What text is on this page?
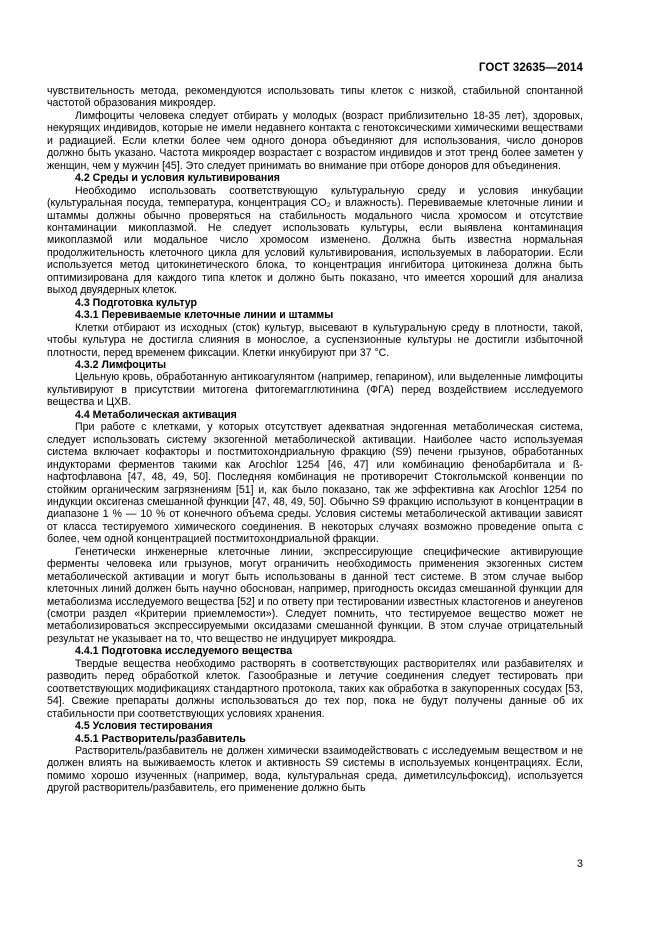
ГОСТ 32635—2014

чувствительность метода, рекомендуются использовать типы клеток с низкой, стабильной спонтанной частотой образования микроядер.

Лимфоциты человека следует отбирать у молодых (возраст приблизительно 18-35 лет), здоровых, некурящих индивидов, которые не имели недавнего контакта с генотоксическими химическими веществами и радиацией. Если клетки более чем одного донора объединяют для использования, число доноров должно быть указано. Частота микроядер возрастает с возрастом индивидов и этот тренд более заметен у женщин, чем у мужчин [45]. Это следует принимать во внимание при отборе доноров для объединения.

4.2 Среды и условия культивирования

Необходимо использовать соответствующую культуральную среду и условия инкубации (культуральная посуда, температура, концентрация CO₂ и влажность). Перевиваемые клеточные линии и штаммы должны обычно проверяться на стабильность модального числа хромосом и отсутствие контаминации микоплазмой. Не следует использовать культуры, если выявлена контаминация микоплазмой или модальное число хромосом изменено. Должна быть известна нормальная продолжительность клеточного цикла для условий культивирования, используемых в лаборатории. Если используется метод цитокинетического блока, то концентрация ингибитора цитокинеза должна быть оптимизирована для каждого типа клеток и должно быть показано, что имеется хороший для анализа выход двуядерных клеток.

4.3 Подготовка культур
4.3.1 Перевиваемые клеточные линии и штаммы

Клетки отбирают из исходных (сток) культур, высевают в культуральную среду в плотности, такой, чтобы культура не достигла слияния в монослое, а суспензионные культуры не достигли избыточной плотности, перед временем фиксации. Клетки инкубируют при 37 °С.

4.3.2 Лимфоциты

Цельную кровь, обработанную антикоагулянтом (например, гепарином), или выделенные лимфоциты культивируют в присутствии митогена фитогемагглютинина (ФГА) перед воздействием исследуемого вещества и ЦХВ.

4.4 Метаболическая активация

При работе с клетками, у которых отсутствует адекватная эндогенная метаболическая система, следует использовать систему экзогенной метаболической активации. Наиболее часто используемая система включает кофакторы и постмитохондриальную фракцию (S9) печени грызунов, обработанных индукторами ферментов такими как Arochlor 1254 [46, 47] или комбинацию фенобарбитала и ß-нафтофлавона [47, 48, 49, 50]. Последняя комбинация не противоречит Стокгольмской конвенции по стойким органическим загрязнениям [51] и, как было показано, так же эффективна как Arochlor 1254 по индукции оксигеназ смешанной функции [47, 48, 49, 50]. Обычно S9 фракцию используют в концентрации в диапазоне 1 % — 10 % от конечного объема среды. Условия системы метаболической активации зависят от класса тестируемого химического соединения. В некоторых случаях возможно проведение опыта с более, чем одной концентрацией постмитохондриальной фракции.

Генетически инженерные клеточные линии, экспрессирующие специфические активирующие ферменты человека или грызунов, могут ограничить необходимость применения экзогенных систем метаболической активации и могут быть использованы в данной тест системе. В этом случае выбор клеточных линий должен быть научно обоснован, например, пригодность оксидаз смешанной функции для метаболизма исследуемого вещества [52] и по ответу при тестировании известных кластогенов и анеугенов (смотри раздел «Критерии приемлемости»). Следует помнить, что тестируемое вещество может не метаболизироваться экспрессируемыми оксидазами смешанной функции. В этом случае отрицательный результат не указывает на то, что вещество не индуцирует микроядра.

4.4.1 Подготовка исследуемого вещества

Твердые вещества необходимо растворять в соответствующих растворителях или разбавителях и разводить перед обработкой клеток. Газообразные и летучие соединения следует тестировать при соответствующих модификациях стандартного протокола, таких как обработка в закупоренных сосудах [53, 54]. Свежие препараты должны использоваться до тех пор, пока не будут получены данные об их стабильности при соответствующих условиях хранения.

4.5 Условия тестирования
4.5.1 Растворитель/разбавитель

Растворитель/разбавитель не должен химически взаимодействовать с исследуемым веществом и не должен влиять на выживаемость клеток и активность S9 системы в используемых концентрациях. Если, помимо хорошо изученных (например, вода, культуральная среда, диметилсульфоксид), используется другой растворитель/разбавитель, его применение должно быть

3
